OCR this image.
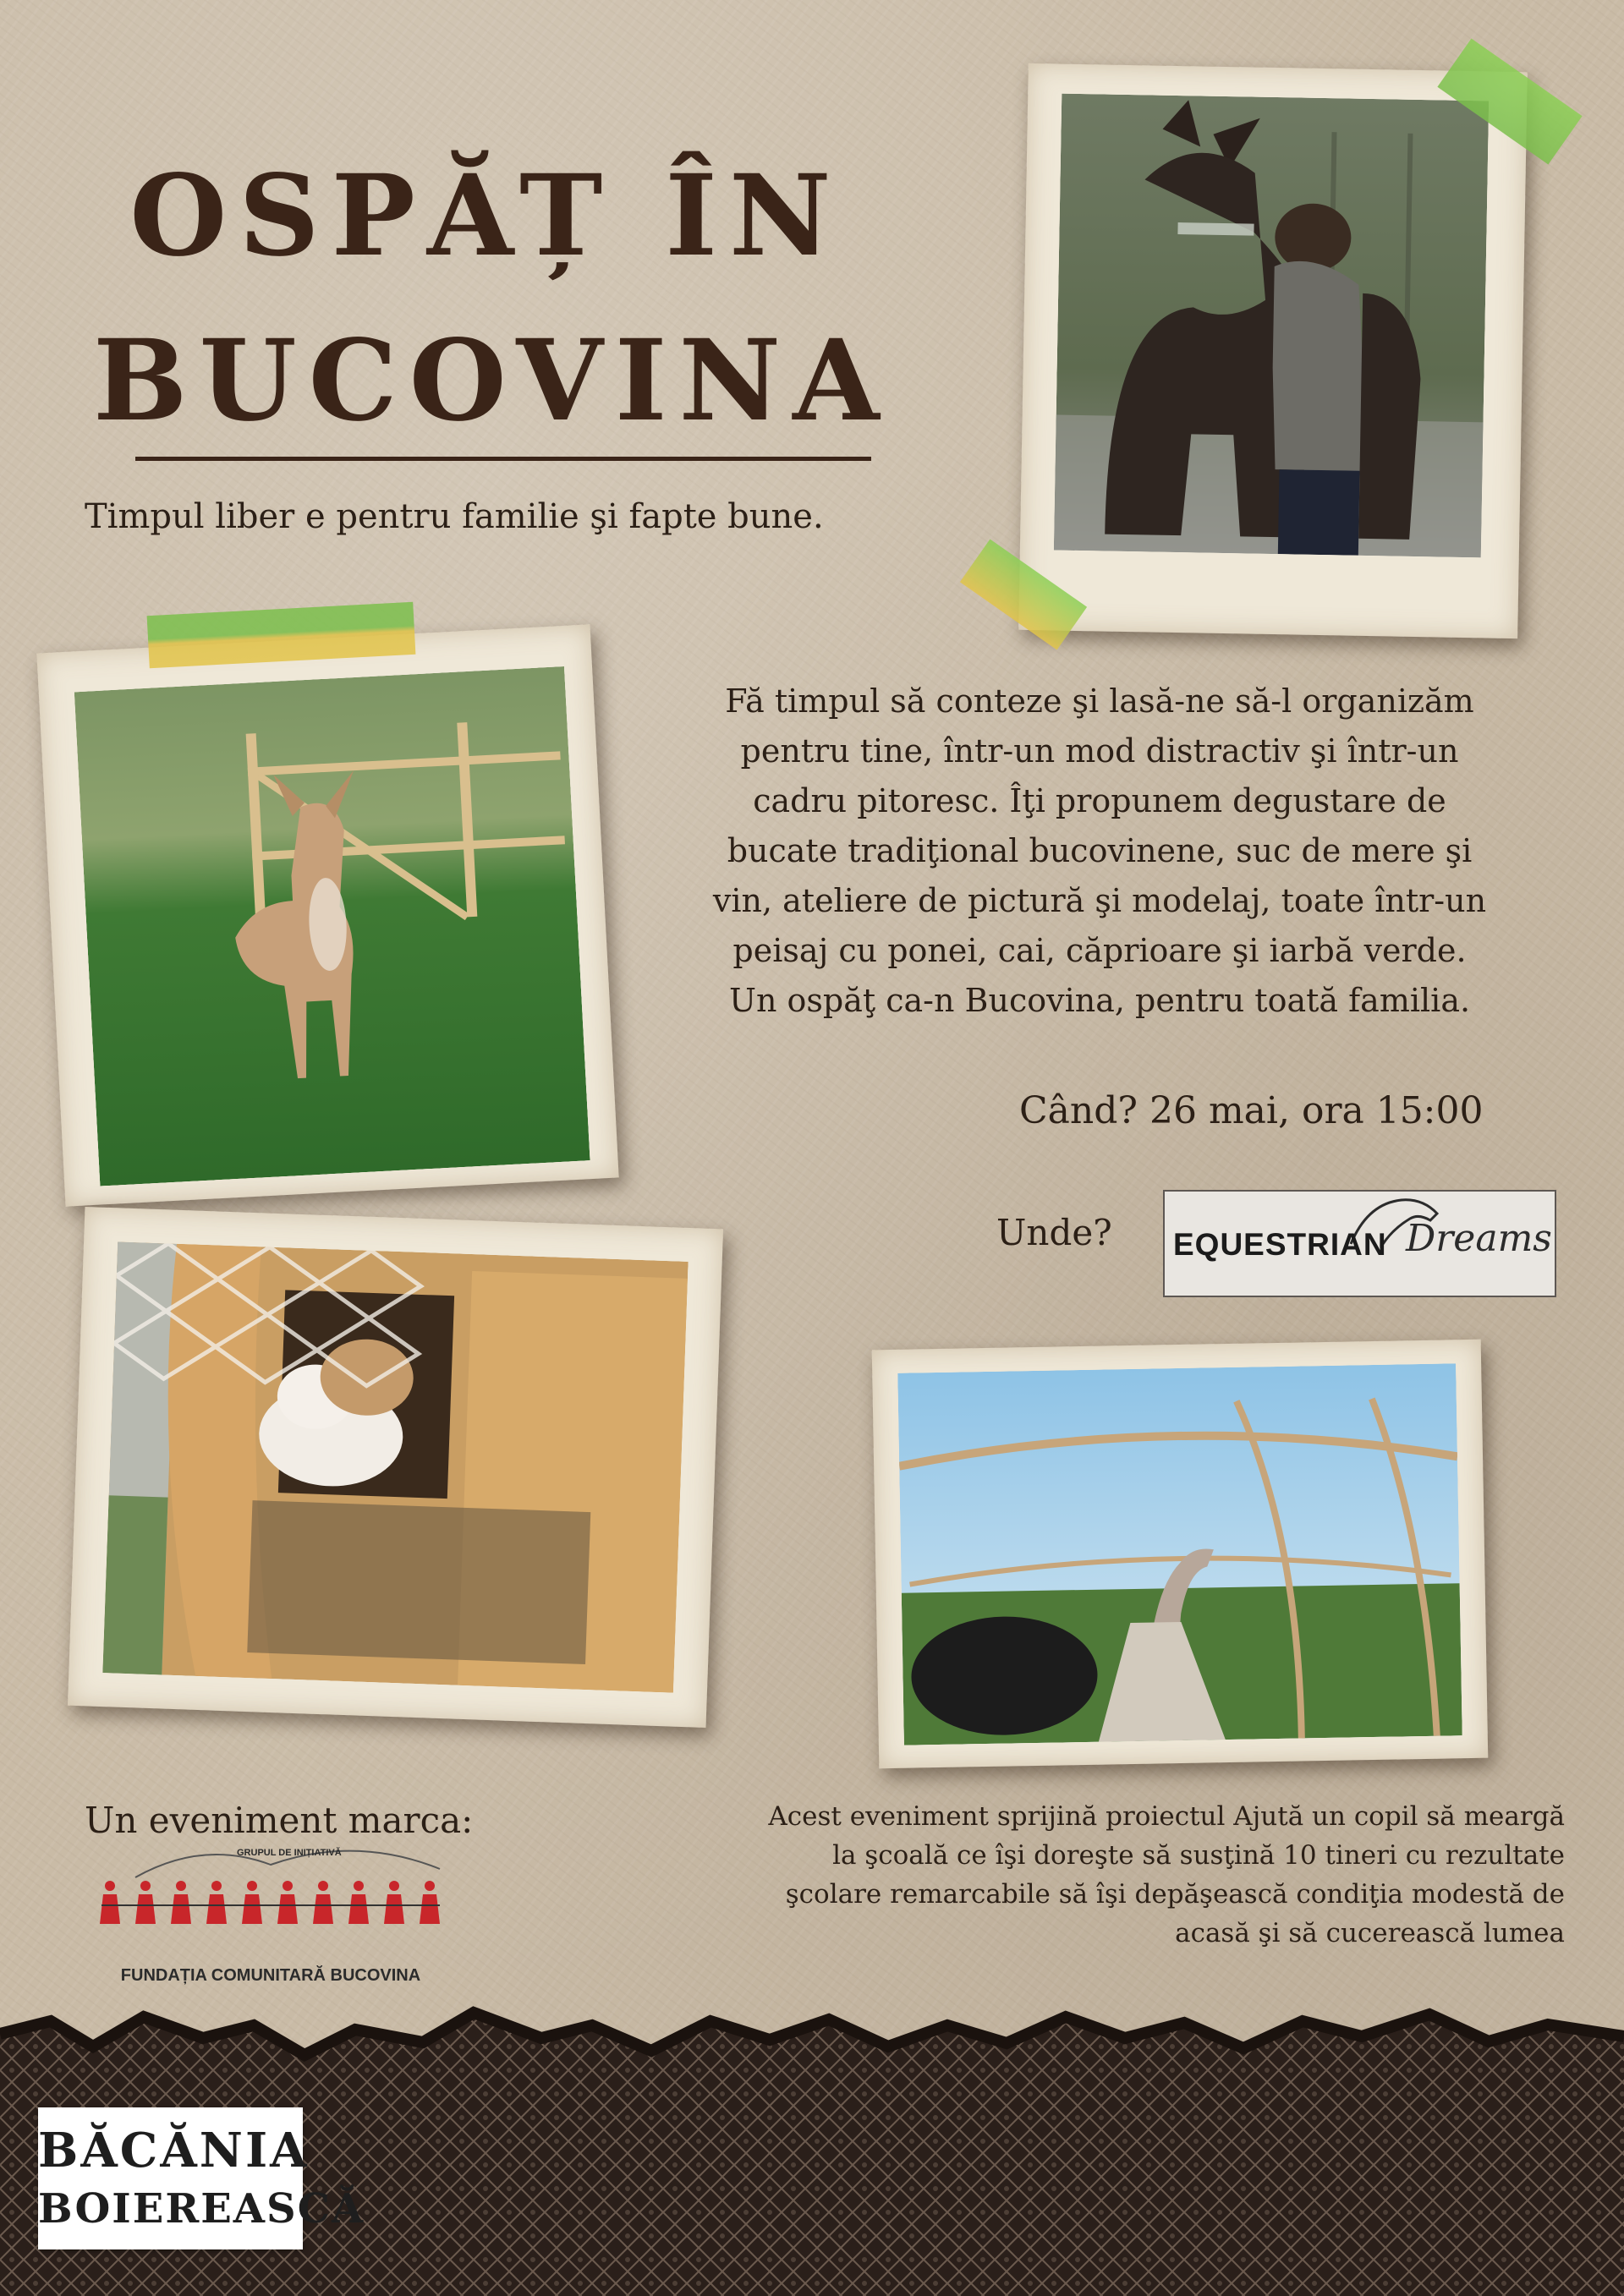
OSPĂȚ ÎN
BUCOVINA

Timpul liber e pentru familie şi fapte bune.

Fă timpul să conteze şi lasă-ne să-l organizăm

pentru tine, într-un mod distractiv şi într-un

cadru pitoresc. Îţi propunem degustare de

bucate tradiţional bucovinene, suc de mere şi

vin, ateliere de pictură şi modelaj, toate într-un

peisaj cu ponei, cai, căprioare şi iarbă verde.

Un ospăţ ca-n Bucovina, pentru toată familia.

Când? 26 mai, ora 15:00
Unde? EQUESTRIAN Dreams
Un eveniment marca:
GRUPUL DE INIȚIATIVĂ
FUNDAȚIA COMUNITARĂ BUCOVINA

Acest eveniment sprijină proiectul Ajută un copil să meargă

la şcoală ce îşi doreşte să susţină 10 tineri cu rezultate

şcolare remarcabile să îşi depăşească condiţia modestă de

acasă şi să cucerească lumea

BĂCĂNIA
BOIEREASCĂ
